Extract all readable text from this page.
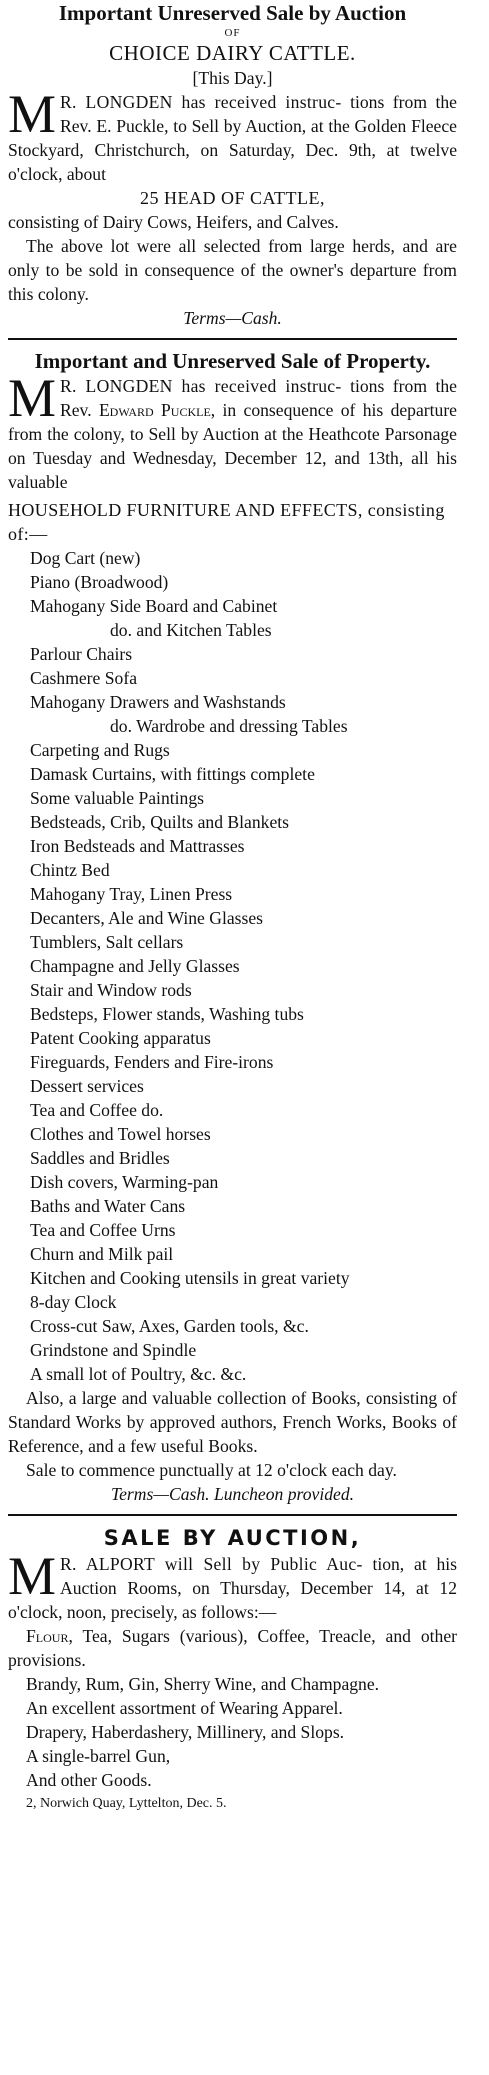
Important Unreserved Sale by Auction

OF

CHOICE DAIRY CATTLE.

[This Day.]

M R. LONGDEN has received instruc- tions from the Rev. E. Puckle, to Sell by Auction, at the Golden Fleece Stockyard, Christchurch, on Saturday, Dec. 9th, at twelve o'clock, about

25 HEAD OF CATTLE,

consisting of Dairy Cows, Heifers, and Calves.

The above lot were all selected from large herds, and are only to be sold in consequence of the owner's departure from this colony.

Terms—Cash.

Important and Unreserved Sale of Property.

M R. LONGDEN has received instruc- tions from the Rev. Edward Puckle, in consequence of his departure from the colony, to Sell by Auction at the Heathcote Parsonage on Tuesday and Wednesday, December 12, and 13th, all his valuable

HOUSEHOLD FURNITURE AND EFFECTS, consisting of:—

Dog Cart (new)

Piano (Broadwood)

Mahogany Side Board and Cabinet

do. and Kitchen Tables

Parlour Chairs

Cashmere Sofa

Mahogany Drawers and Washstands

do. Wardrobe and dressing Tables

Carpeting and Rugs

Damask Curtains, with fittings complete

Some valuable Paintings

Bedsteads, Crib, Quilts and Blankets

Iron Bedsteads and Mattrasses

Chintz Bed

Mahogany Tray, Linen Press

Decanters, Ale and Wine Glasses

Tumblers, Salt cellars

Champagne and Jelly Glasses

Stair and Window rods

Bedsteps, Flower stands, Washing tubs

Patent Cooking apparatus

Fireguards, Fenders and Fire-irons

Dessert services

Tea and Coffee do.

Clothes and Towel horses

Saddles and Bridles

Dish covers, Warming-pan

Baths and Water Cans

Tea and Coffee Urns

Churn and Milk pail

Kitchen and Cooking utensils in great variety

8-day Clock

Cross-cut Saw, Axes, Garden tools, &c.

Grindstone and Spindle

A small lot of Poultry, &c. &c.

Also, a large and valuable collection of Books, consisting of Standard Works by approved authors, French Works, Books of Reference, and a few useful Books.

Sale to commence punctually at 12 o'clock each day.

Terms—Cash. Luncheon provided.

SALE BY AUCTION,

M R. ALPORT will Sell by Public Auc- tion, at his Auction Rooms, on Thursday, December 14, at 12 o'clock, noon, precisely, as follows:—

Flour, Tea, Sugars (various), Coffee, Treacle, and other provisions.

Brandy, Rum, Gin, Sherry Wine, and Champagne.

An excellent assortment of Wearing Apparel.

Drapery, Haberdashery, Millinery, and Slops.

A single-barrel Gun,

And other Goods.

2, Norwich Quay, Lyttelton, Dec. 5.
